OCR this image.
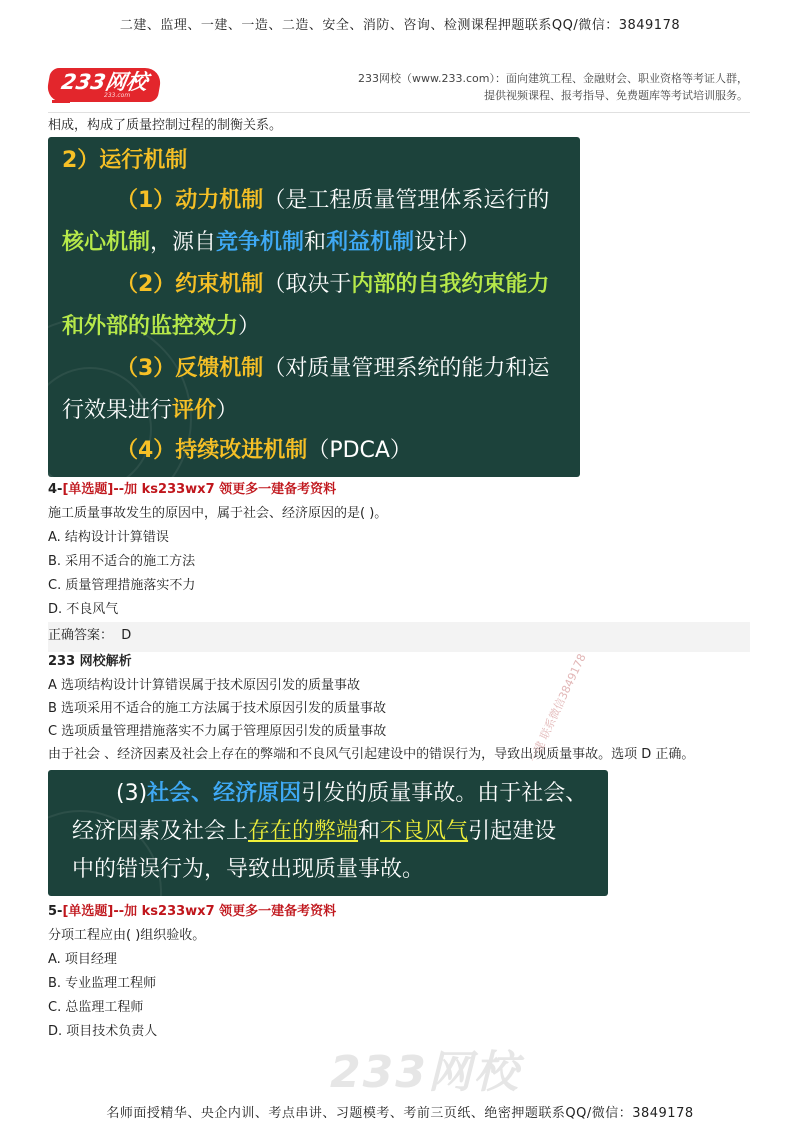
二建、监理、一建、一造、二造、安全、消防、咨询、检测课程押题联系QQ/微信：3849178
233网校
233.com
233网校（www.233.com）：面向建筑工程、金融财会、职业资格等考证人群，
提供视频课程、报考指导、免费题库等考试培训服务。
相成，构成了质量控制过程的制衡关系。
2）运行机制
（1）动力机制（是工程质量管理体系运行的
核心机制，源自竞争机制和利益机制设计）
（2）约束机制（取决于内部的自我约束能力
和外部的监控效力）
（3）反馈机制（对质量管理系统的能力和运
行效果进行评价）
（4）持续改进机制（PDCA）
4-[单选题]--加 ks233wx7 领更多一建备考资料
施工质量事故发生的原因中，属于社会、经济原因的是( )。
A. 结构设计计算错误
B. 采用不适合的施工方法
C. 质量管理措施落实不力
D. 不良风气
正确答案： D
233 网校解析
A 选项结构设计计算错误属于技术原因引发的质量事故
B 选项采用不适合的施工方法属于技术原因引发的质量事故
C 选项质量管理措施落实不力属于管理原因引发的质量事故
由于社会 、经济因素及社会上存在的弊端和不良风气引起建设中的错误行为，导致出现质量事故。选项 D 正确。
(3)社会、经济原因引发的质量事故。由于社会、
经济因素及社会上存在的弊端和不良风气引起建设
中的错误行为，导致出现质量事故。
5-[单选题]--加 ks233wx7 领更多一建备考资料
分项工程应由( )组织验收。
A. 项目经理
B. 专业监理工程师
C. 总监理工程师
D. 项目技术负责人
一建 联系微信3849178
233网校
名师面授精华、央企内训、考点串讲、习题模考、考前三页纸、绝密押题联系QQ/微信：3849178
